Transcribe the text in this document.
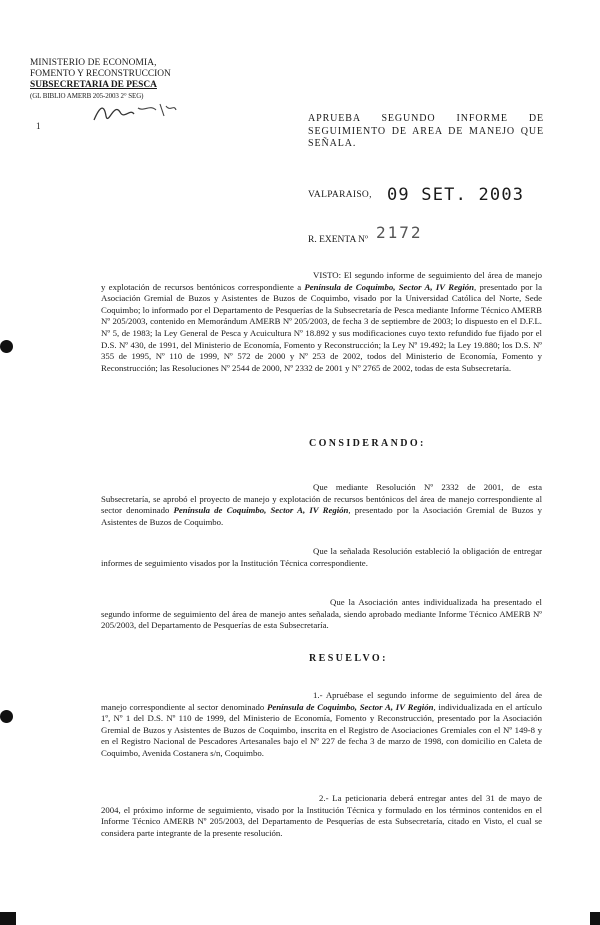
MINISTERIO DE ECONOMIA,
FOMENTO Y RECONSTRUCCION
SUBSECRETARIA DE PESCA
(GL BIBLIO AMERB 205-2003 2° SEG)
1
APRUEBA SEGUNDO INFORME DE SEGUIMIENTO DE AREA DE MANEJO QUE SEÑALA.
VALPARAISO, 09 SET. 2003
R. EXENTA Nº 2172

VISTO: El segundo informe de seguimiento del área de manejo y explotación de recursos bentónicos correspondiente a Península de Coquimbo, Sector A, IV Región, presentado por la Asociación Gremial de Buzos y Asistentes de Buzos de Coquimbo, visado por la Universidad Católica del Norte, Sede Coquimbo; lo informado por el Departamento de Pesquerías de la Subsecretaría de Pesca mediante Informe Técnico AMERB Nº 205/2003, contenido en Memorándum AMERB Nº 205/2003, de fecha 3 de septiembre de 2003; lo dispuesto en el D.F.L. Nº 5, de 1983; la Ley General de Pesca y Acuicultura Nº 18.892 y sus modificaciones cuyo texto refundido fue fijado por el D.S. Nº 430, de 1991, del Ministerio de Economía, Fomento y Reconstrucción; la Ley Nº 19.492; la Ley 19.880; los D.S. Nº 355 de 1995, Nº 110 de 1999, Nº 572 de 2000 y Nº 253 de 2002, todos del Ministerio de Economía, Fomento y Reconstrucción; las Resoluciones Nº 2544 de 2000, Nº 2332 de 2001 y Nº 2765 de 2002, todas de esta Subsecretaría.

CONSIDERANDO:

Que mediante Resolución Nº 2332 de 2001, de esta Subsecretaría, se aprobó el proyecto de manejo y explotación de recursos bentónicos del área de manejo correspondiente al sector denominado Península de Coquimbo, Sector A, IV Región, presentado por la Asociación Gremial de Buzos y Asistentes de Buzos de Coquimbo.

Que la señalada Resolución estableció la obligación de entregar informes de seguimiento visados por la Institución Técnica correspondiente.

Que la Asociación antes individualizada ha presentado el segundo informe de seguimiento del área de manejo antes señalada, siendo aprobado mediante Informe Técnico AMERB Nº 205/2003, del Departamento de Pesquerías de esta Subsecretaría.

RESUELVO:

1.- Apruébase el segundo informe de seguimiento del área de manejo correspondiente al sector denominado Península de Coquimbo, Sector A, IV Región, individualizada en el artículo 1º, Nº 1 del D.S. Nº 110 de 1999, del Ministerio de Economía, Fomento y Reconstrucción, presentado por la Asociación Gremial de Buzos y Asistentes de Buzos de Coquimbo, inscrita en el Registro de Asociaciones Gremiales con el Nº 149-8 y en el Registro Nacional de Pescadores Artesanales bajo el Nº 227 de fecha 3 de marzo de 1998, con domicilio en Caleta de Coquimbo, Avenida Costanera s/n, Coquimbo.

2.- La peticionaria deberá entregar antes del 31 de mayo de 2004, el próximo informe de seguimiento, visado por la Institución Técnica y formulado en los términos contenidos en el Informe Técnico AMERB Nº 205/2003, del Departamento de Pesquerías de esta Subsecretaría, citado en Visto, el cual se considera parte integrante de la presente resolución.
